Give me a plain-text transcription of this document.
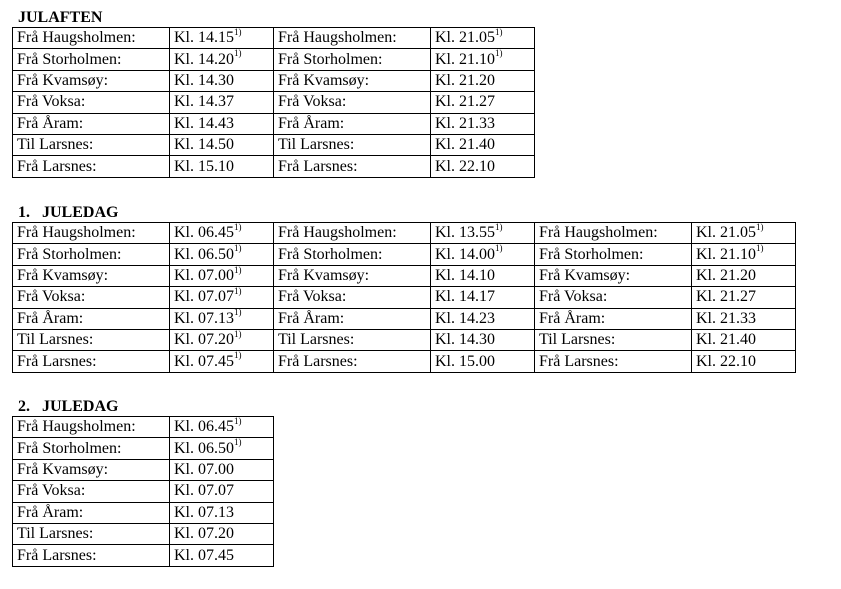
JULAFTEN
Frå Haugsholmen:	Kl. 14.15$^{1)}$	Frå Haugsholmen:	Kl. 21.05$^{1)}$
Frå Storholmen:	Kl. 14.20$^{1)}$	Frå Storholmen:	Kl. 21.10$^{1)}$
Frå Kvamsøy:	Kl. 14.30	Frå Kvamsøy:	Kl. 21.20
Frå Voksa:	Kl. 14.37	Frå Voksa:	Kl. 21.27
Frå Åram:	Kl. 14.43	Frå Åram:	Kl. 21.33
Til Larsnes:	Kl. 14.50	Til Larsnes:	Kl. 21.40
Frå Larsnes:	Kl. 15.10	Frå Larsnes:	Kl. 22.10
1.   JULEDAG
Frå Haugsholmen:	Kl. 06.45$^{1)}$	Frå Haugsholmen:	Kl. 13.55$^{1)}$	Frå Haugsholmen:	Kl. 21.05$^{1)}$
Frå Storholmen:	Kl. 06.50$^{1)}$	Frå Storholmen:	Kl. 14.00$^{1)}$	Frå Storholmen:	Kl. 21.10$^{1)}$
Frå Kvamsøy:	Kl. 07.00$^{1)}$	Frå Kvamsøy:	Kl. 14.10	Frå Kvamsøy:	Kl. 21.20
Frå Voksa:	Kl. 07.07$^{1)}$	Frå Voksa:	Kl. 14.17	Frå Voksa:	Kl. 21.27
Frå Åram:	Kl. 07.13$^{1)}$	Frå Åram:	Kl. 14.23	Frå Åram:	Kl. 21.33
Til Larsnes:	Kl. 07.20$^{1)}$	Til Larsnes:	Kl. 14.30	Til Larsnes:	Kl. 21.40
Frå Larsnes:	Kl. 07.45$^{1)}$	Frå Larsnes:	Kl. 15.00	Frå Larsnes:	Kl. 22.10
2.   JULEDAG
Frå Haugsholmen:	Kl. 06.45$^{1)}$
Frå Storholmen:	Kl. 06.50$^{1)}$
Frå Kvamsøy:	Kl. 07.00
Frå Voksa:	Kl. 07.07
Frå Åram:	Kl. 07.13
Til Larsnes:	Kl. 07.20
Frå Larsnes:	Kl. 07.45
